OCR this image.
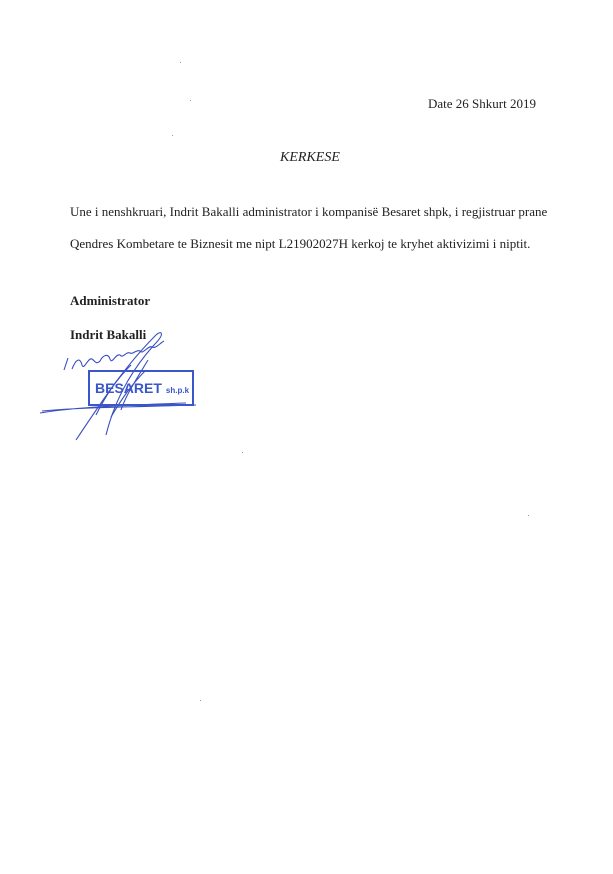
Date 26 Shkurt 2019
KERKESE
Une i nenshkruari, Indrit Bakalli administrator i kompanisë Besaret shpk, i regjistruar prane
Qendres Kombetare te Biznesit me nipt L21902027H kerkoj te kryhet aktivizimi i niptit.
Administrator
Indrit Bakalli
BESARET sh.p.k
